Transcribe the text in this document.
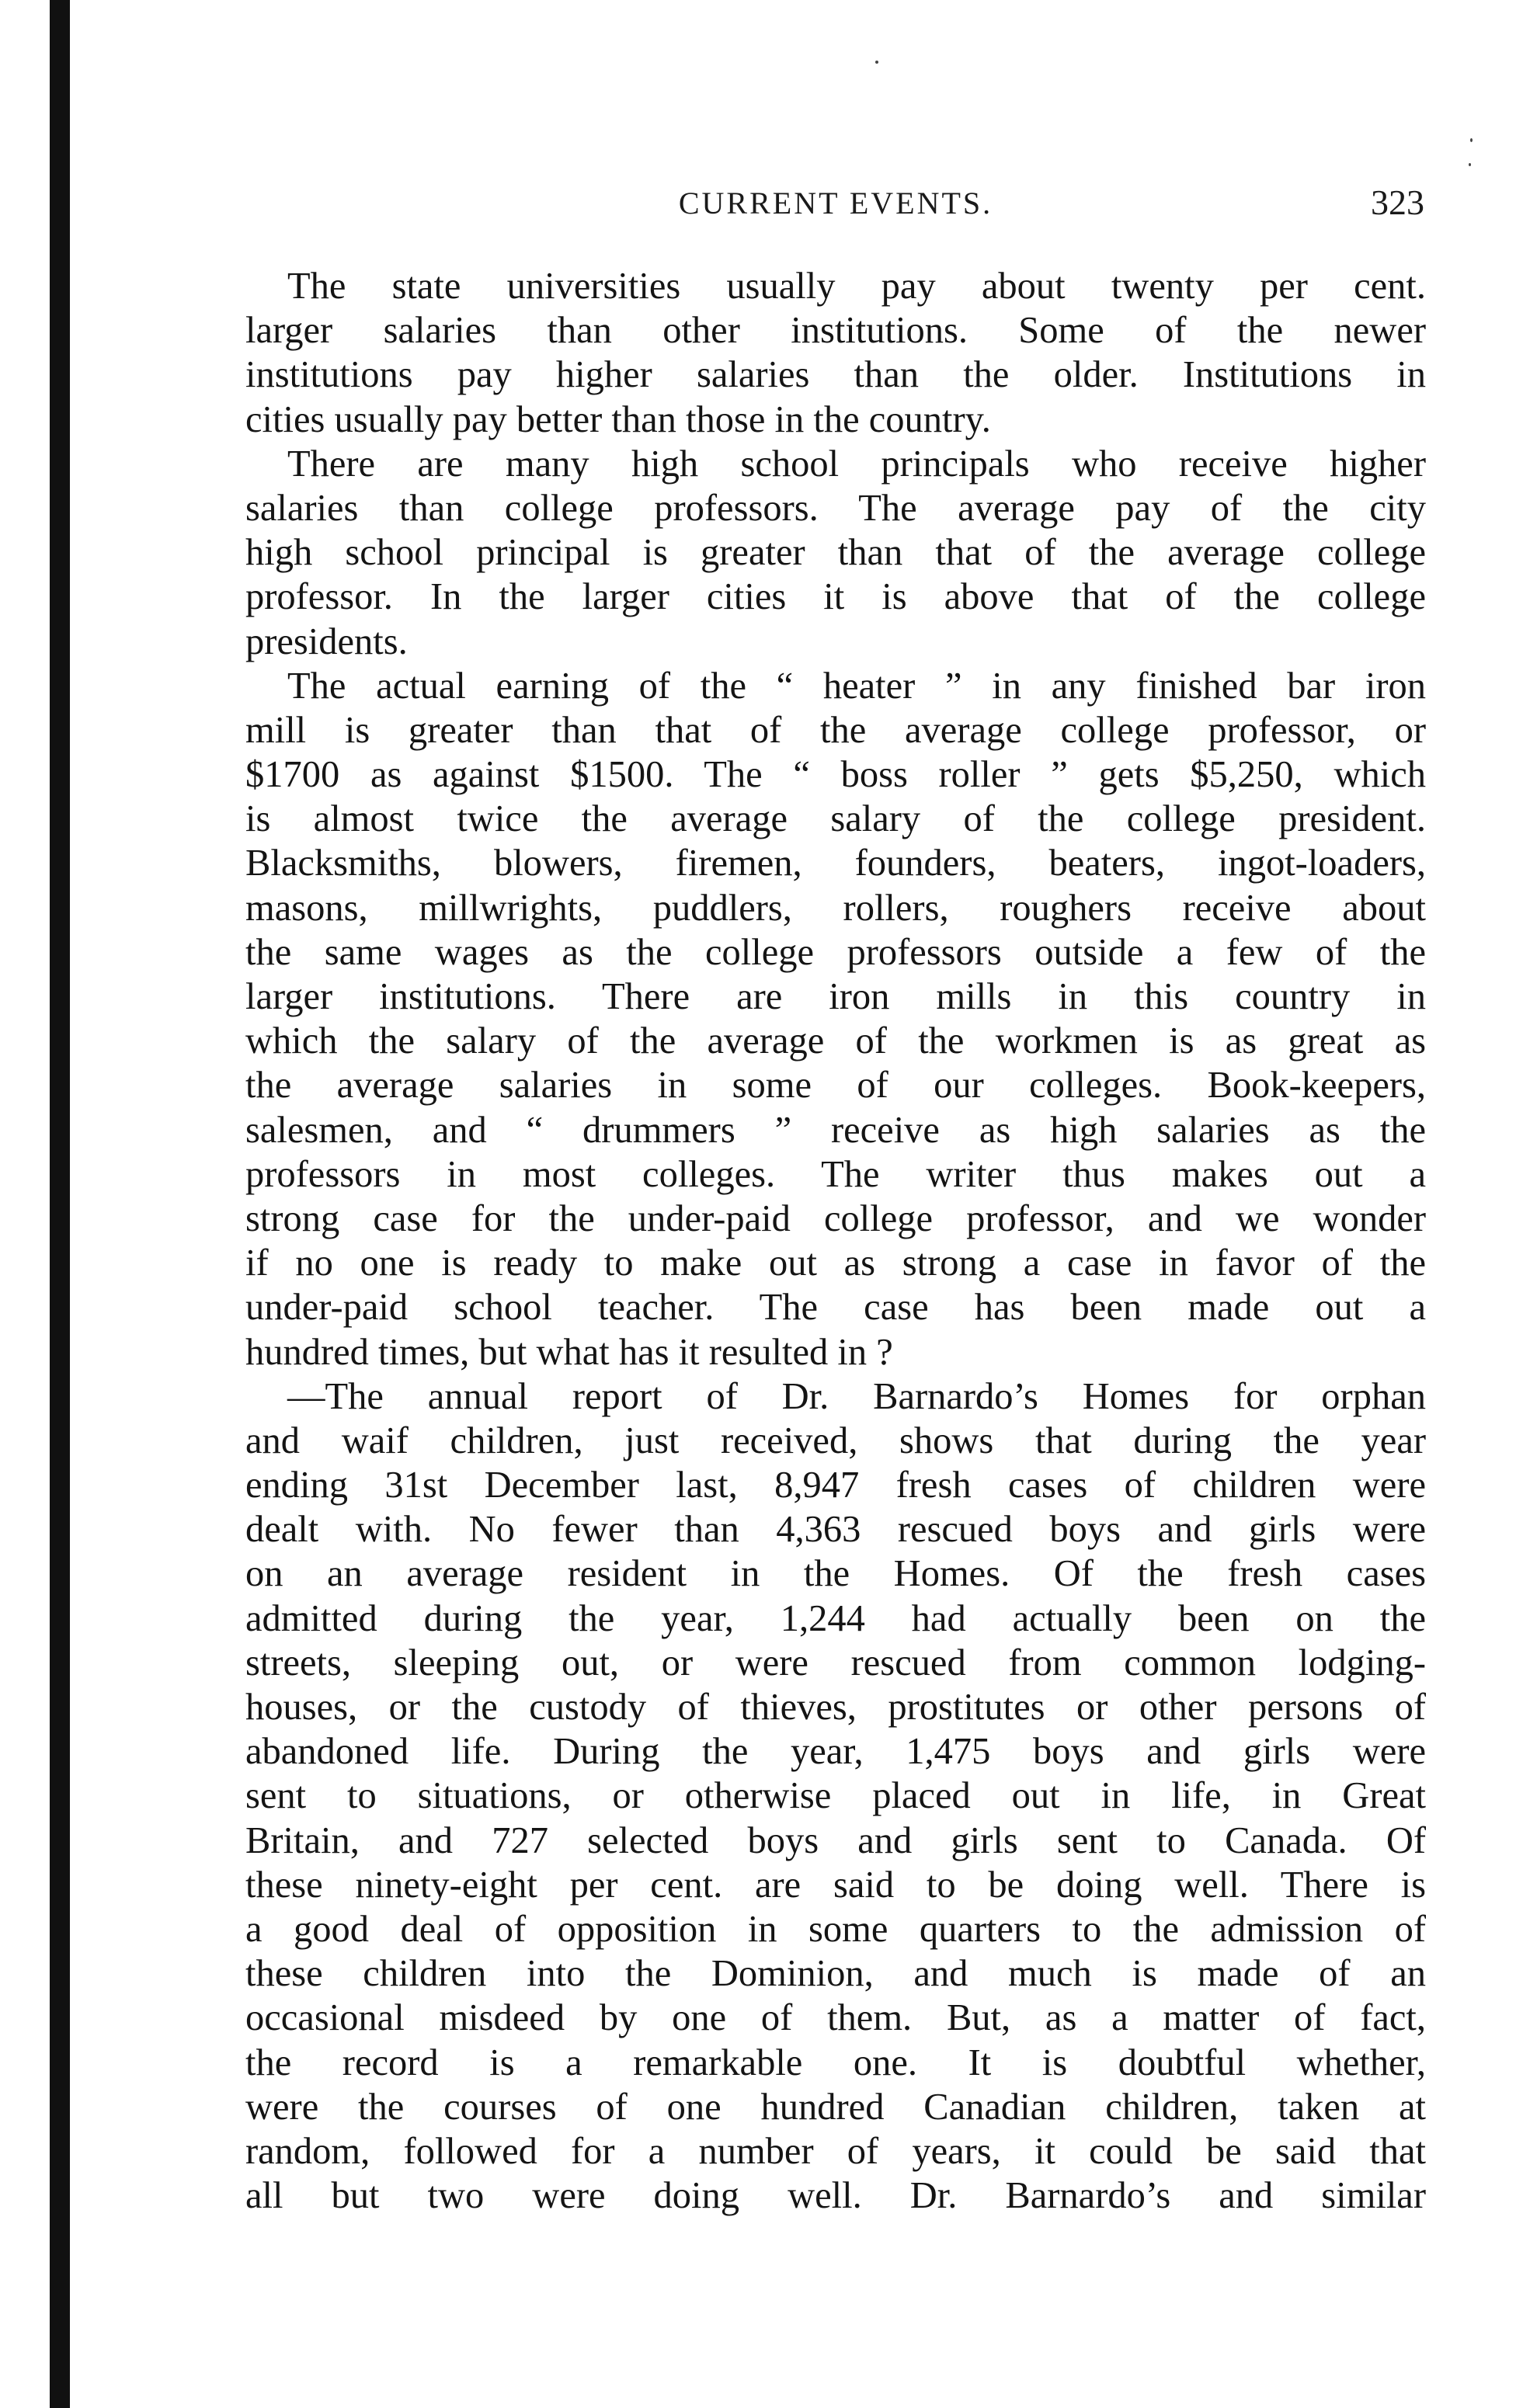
CURRENT EVENTS.	323
The state universities usually pay about twenty per cent.
larger salaries than other institutions. Some of the newer
institutions pay higher salaries than the older. Institutions in
cities usually pay better than those in the country.
There are many high school principals who receive higher
salaries than college professors. The average pay of the city
high school principal is greater than that of the average college
professor. In the larger cities it is above that of the college
presidents.
The actual earning of the “ heater ” in any finished bar iron
mill is greater than that of the average college professor, or
$1700 as against $1500. The “ boss roller ” gets $5,250, which
is almost twice the average salary of the college president.
Blacksmiths, blowers, firemen, founders, beaters, ingot-loaders,
masons, millwrights, puddlers, rollers, roughers receive about
the same wages as the college professors outside a few of the
larger institutions. There are iron mills in this country in
which the salary of the average of the workmen is as great as
the average salaries in some of our colleges. Book-keepers,
salesmen, and “ drummers ” receive as high salaries as the
professors in most colleges. The writer thus makes out a
strong case for the under-paid college professor, and we wonder
if no one is ready to make out as strong a case in favor of the
under-paid school teacher. The case has been made out a
hundred times, but what has it resulted in ?
—The annual report of Dr. Barnardo’s Homes for orphan
and waif children, just received, shows that during the year
ending 31st December last, 8,947 fresh cases of children were
dealt with. No fewer than 4,363 rescued boys and girls were
on an average resident in the Homes. Of the fresh cases
admitted during the year, 1,244 had actually been on the
streets, sleeping out, or were rescued from common lodging-
houses, or the custody of thieves, prostitutes or other persons of
abandoned life. During the year, 1,475 boys and girls were
sent to situations, or otherwise placed out in life, in Great
Britain, and 727 selected boys and girls sent to Canada. Of
these ninety-eight per cent. are said to be doing well. There is
a good deal of opposition in some quarters to the admission of
these children into the Dominion, and much is made of an
occasional misdeed by one of them. But, as a matter of fact,
the record is a remarkable one. It is doubtful whether,
were the courses of one hundred Canadian children, taken at
random, followed for a number of years, it could be said that
all but two were doing well. Dr. Barnardo’s and similar
